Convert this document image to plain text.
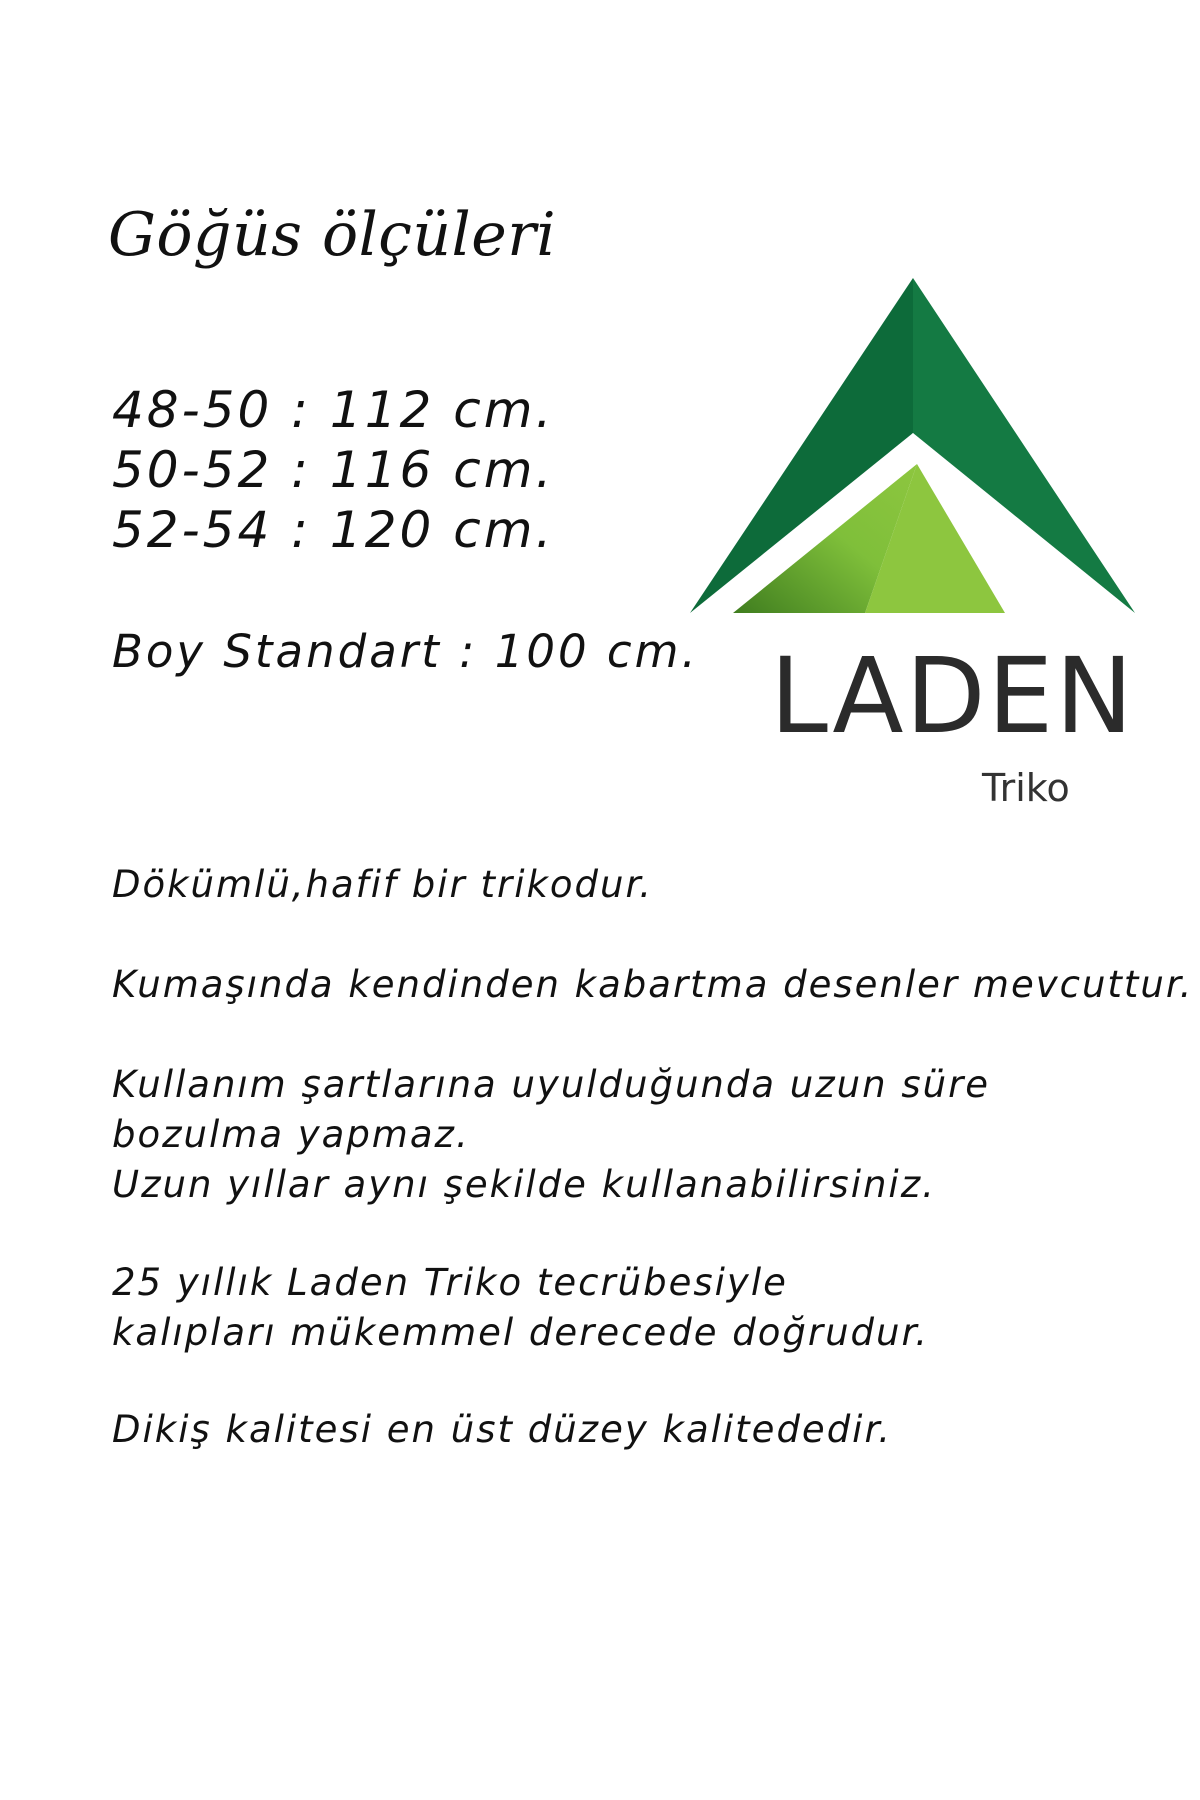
Göğüs ölçüleri
48-50 : 112 cm.
50-52 : 116 cm.
52-54 : 120 cm.
Boy Standart : 100 cm. LADEN
Triko
Dökümlü,hafif bir trikodur.
Kumaşında kendinden kabartma desenler mevcuttur.
Kullanım şartlarına uyulduğunda uzun süre
bozulma yapmaz.
Uzun yıllar aynı şekilde kullanabilirsiniz.
25 yıllık Laden Triko tecrübesiyle
kalıpları mükemmel derecede doğrudur.
Dikiş kalitesi en üst düzey kalitededir.
